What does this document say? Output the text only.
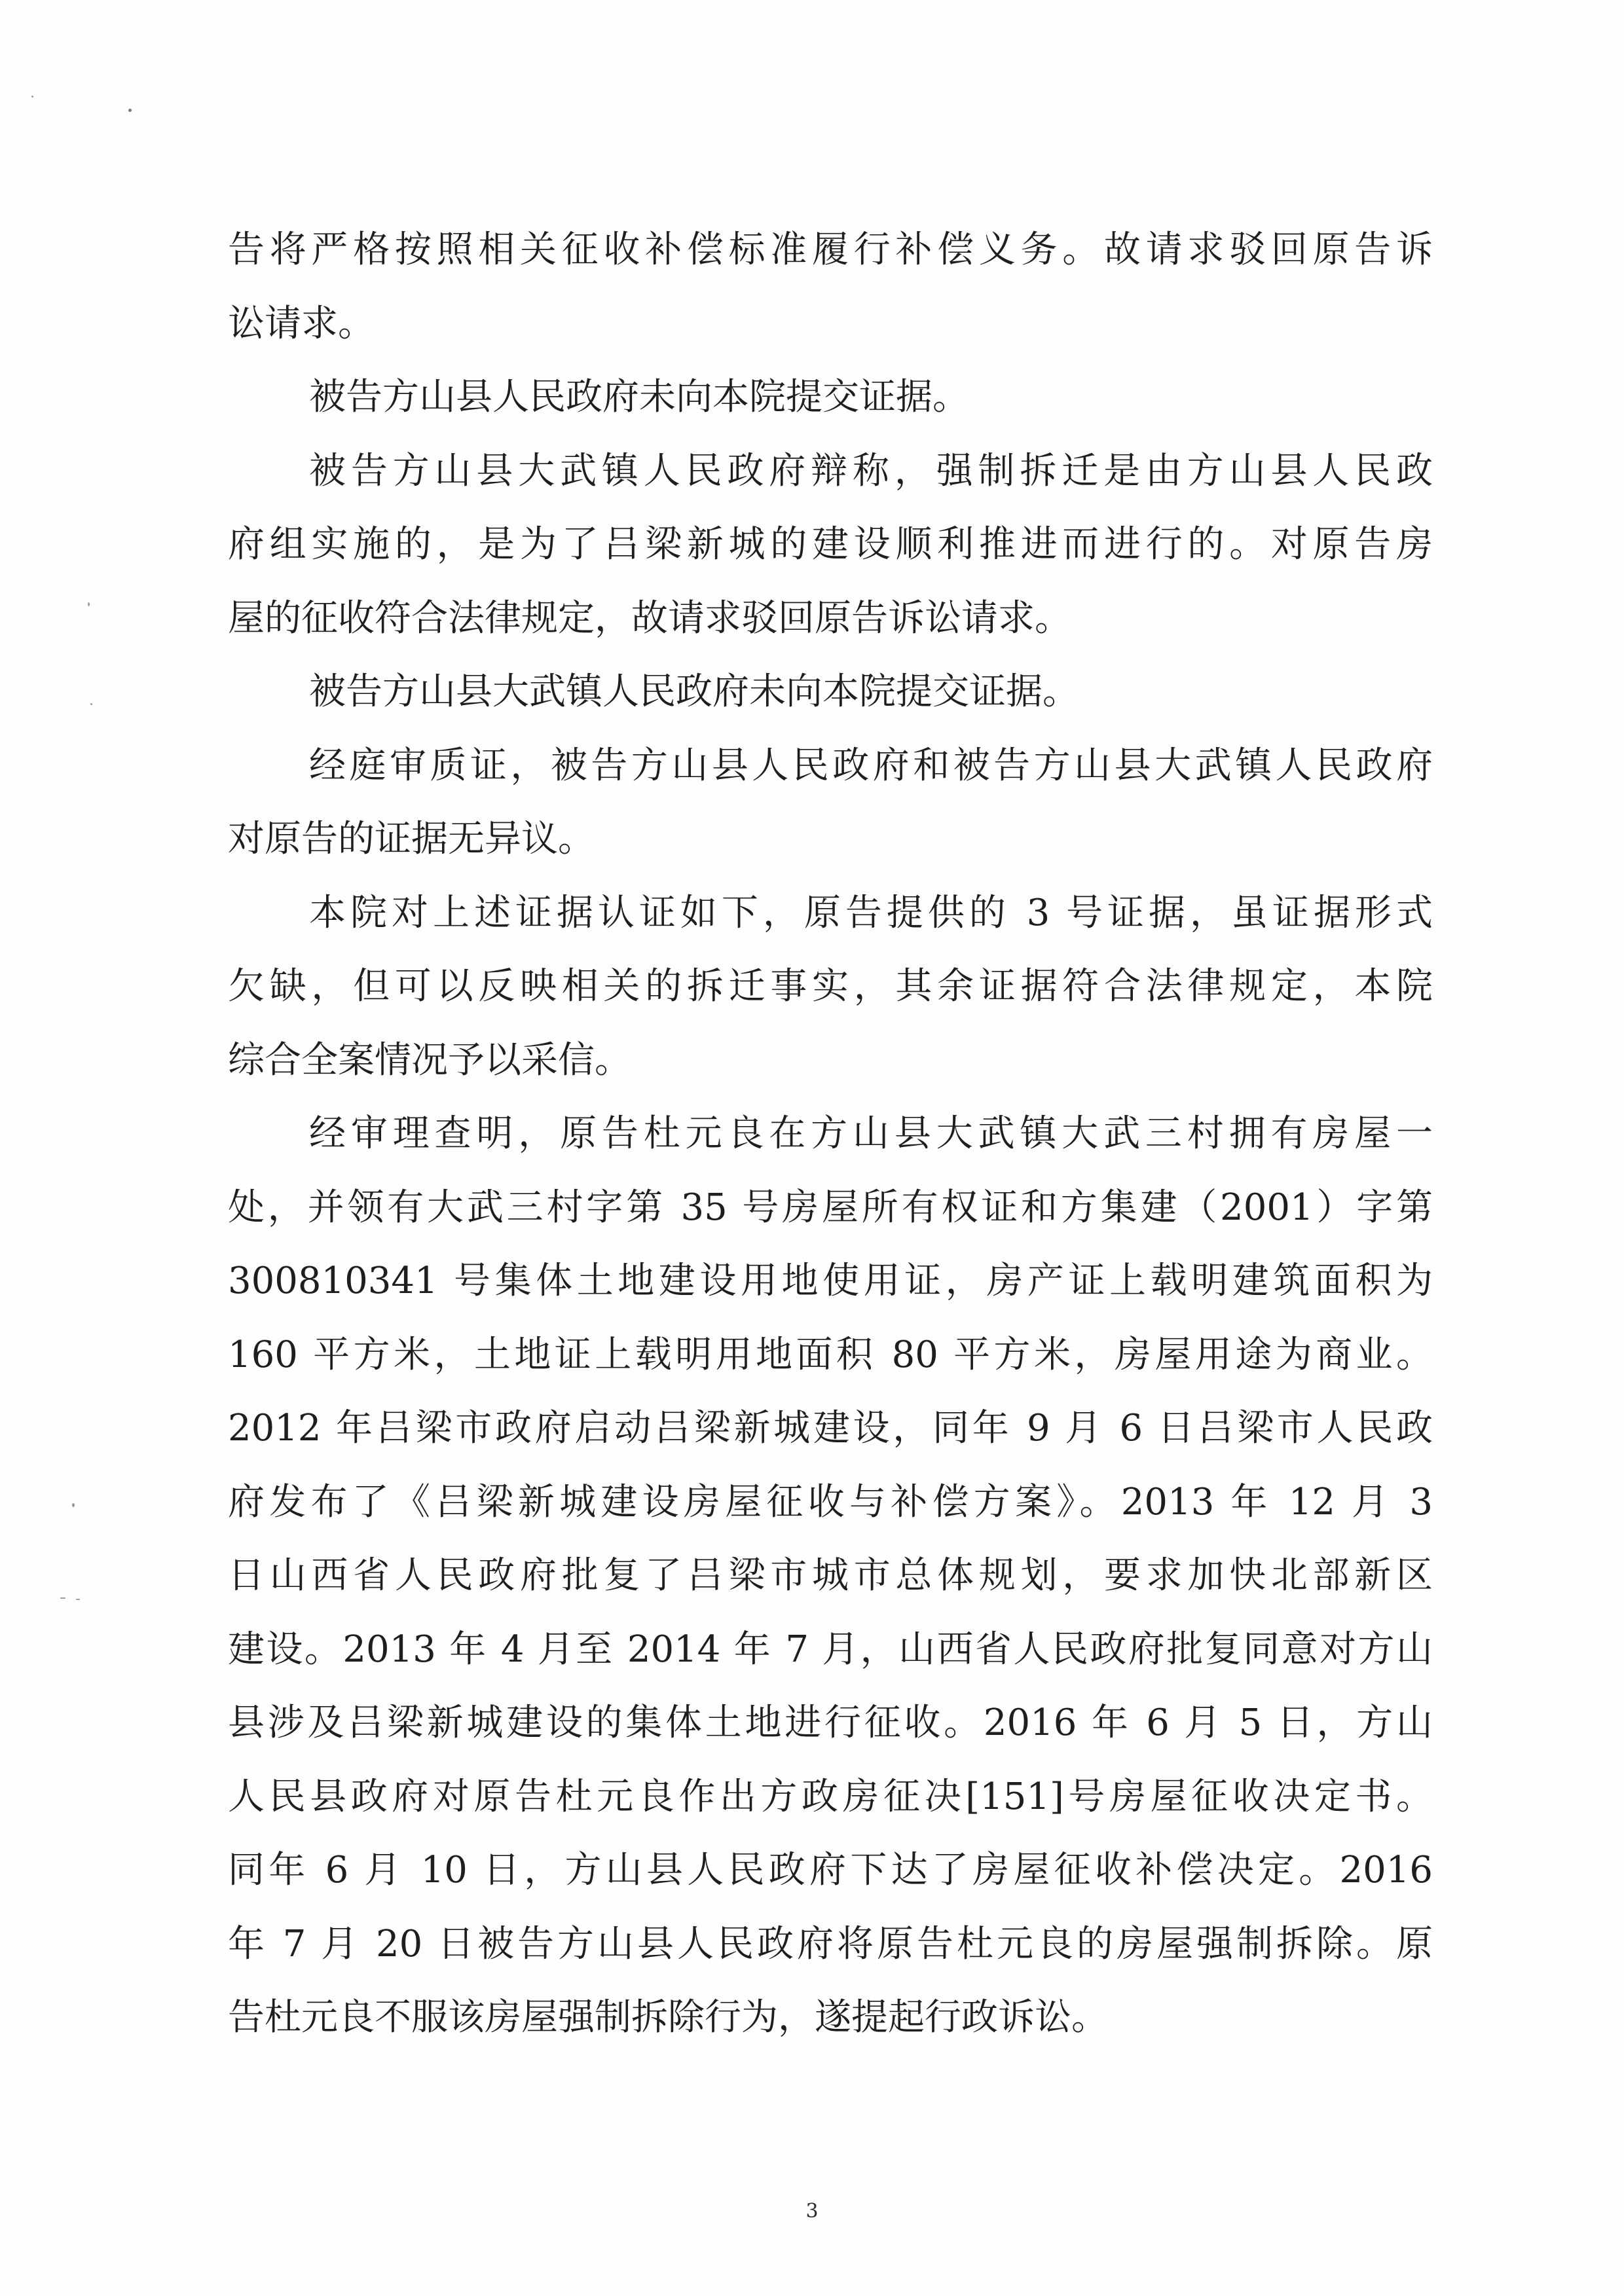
告将严格按照相关征收补偿标准履行补偿义务。故请求驳回原告诉
讼请求。
被告方山县人民政府未向本院提交证据。
被告方山县大武镇人民政府辩称，强制拆迁是由方山县人民政
府组实施的，是为了吕梁新城的建设顺利推进而进行的。对原告房
屋的征收符合法律规定，故请求驳回原告诉讼请求。
被告方山县大武镇人民政府未向本院提交证据。
经庭审质证，被告方山县人民政府和被告方山县大武镇人民政府
对原告的证据无异议。
本院对上述证据认证如下，原告提供的 3 号证据，虽证据形式
欠缺，但可以反映相关的拆迁事实，其余证据符合法律规定，本院
综合全案情况予以采信。
经审理查明，原告杜元良在方山县大武镇大武三村拥有房屋一
处，并领有大武三村字第 35 号房屋所有权证和方集建（2001）字第
300810341 号集体土地建设用地使用证，房产证上载明建筑面积为
160 平方米，土地证上载明用地面积 80 平方米，房屋用途为商业。
2012 年吕梁市政府启动吕梁新城建设，同年 9 月 6 日吕梁市人民政
府发布了《吕梁新城建设房屋征收与补偿方案》。2013 年 12 月 3
日山西省人民政府批复了吕梁市城市总体规划，要求加快北部新区
建设。2013 年 4 月至 2014 年 7 月，山西省人民政府批复同意对方山
县涉及吕梁新城建设的集体土地进行征收。2016 年 6 月 5 日，方山
人民县政府对原告杜元良作出方政房征决[151]号房屋征收决定书。
同年 6 月 10 日，方山县人民政府下达了房屋征收补偿决定。2016
年 7 月 20 日被告方山县人民政府将原告杜元良的房屋强制拆除。原
告杜元良不服该房屋强制拆除行为，遂提起行政诉讼。
3
